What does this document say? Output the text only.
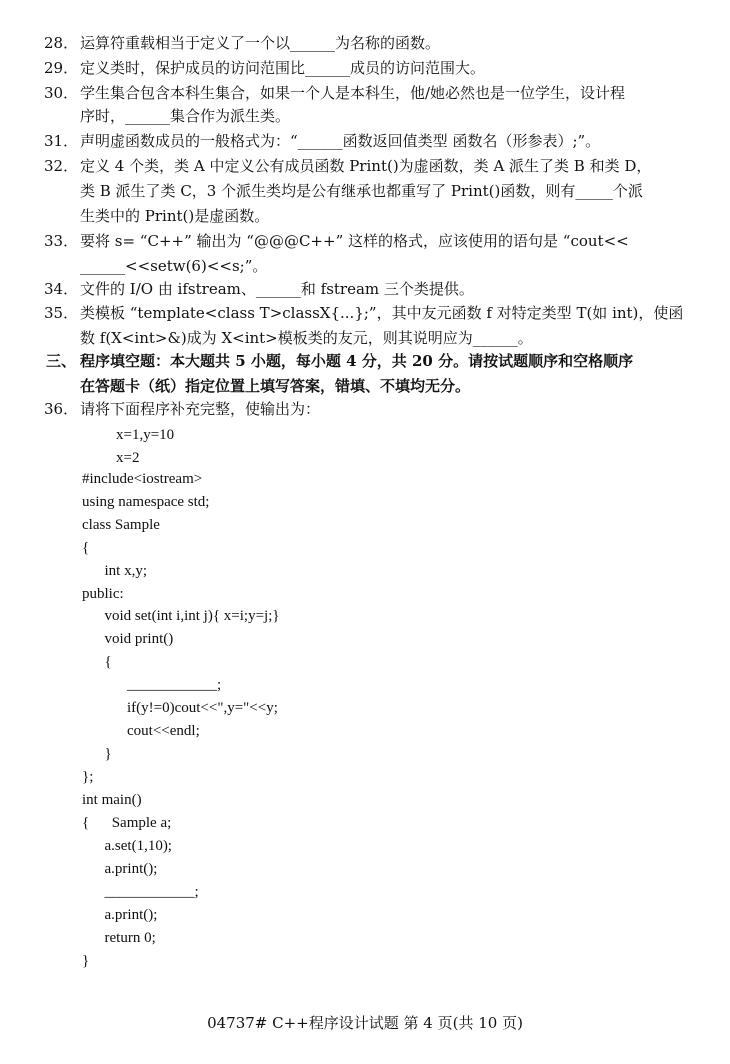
28． 运算符重载相当于定义了一个以______为名称的函数。
29． 定义类时，保护成员的访问范围比______成员的访问范围大。
30． 学生集合包含本科生集合，如果一个人是本科生，他/她必然也是一位学生，设计程
序时，______集合作为派生类。
31． 声明虚函数成员的一般格式为：“______函数返回值类型 函数名（形参表）;”。
32． 定义 4 个类，类 A 中定义公有成员函数 Print()为虚函数，类 A 派生了类 B 和类 D，
类 B 派生了类 C，3 个派生类均是公有继承也都重写了 Print()函数，则有_____个派
生类中的 Print()是虚函数。
33． 要将 s= “C++” 输出为 “@@@C++” 这样的格式，应该使用的语句是 “cout<<
______<<setw(6)<<s;”。
34． 文件的 I/O 由 ifstream、______和 fstream 三个类提供。
35． 类模板 “template<class T>classX{...};”，其中友元函数 f 对特定类型 T(如 int)，使函
数 f(X<int>&)成为 X<int>模板类的友元，则其说明应为______。
三、 程序填空题：本大题共 5 小题，每小题 4 分，共 20 分。请按试题顺序和空格顺序
在答题卡（纸）指定位置上填写答案，错填、不填均无分。
36． 请将下面程序补充完整，使输出为：
x=1,y=10
x=2
#include<iostream>
using namespace std;
class Sample
{
int x,y;
public:
void set(int i,int j){ x=i;y=j;}
void print()
{
____________;
if(y!=0)cout<<",y="<<y;
cout<<endl;
}
};
int main()
{      Sample a;
a.set(1,10);
a.print();
____________;
a.print();
return 0;
}
04737# C++程序设计试题 第 4 页(共 10 页)
